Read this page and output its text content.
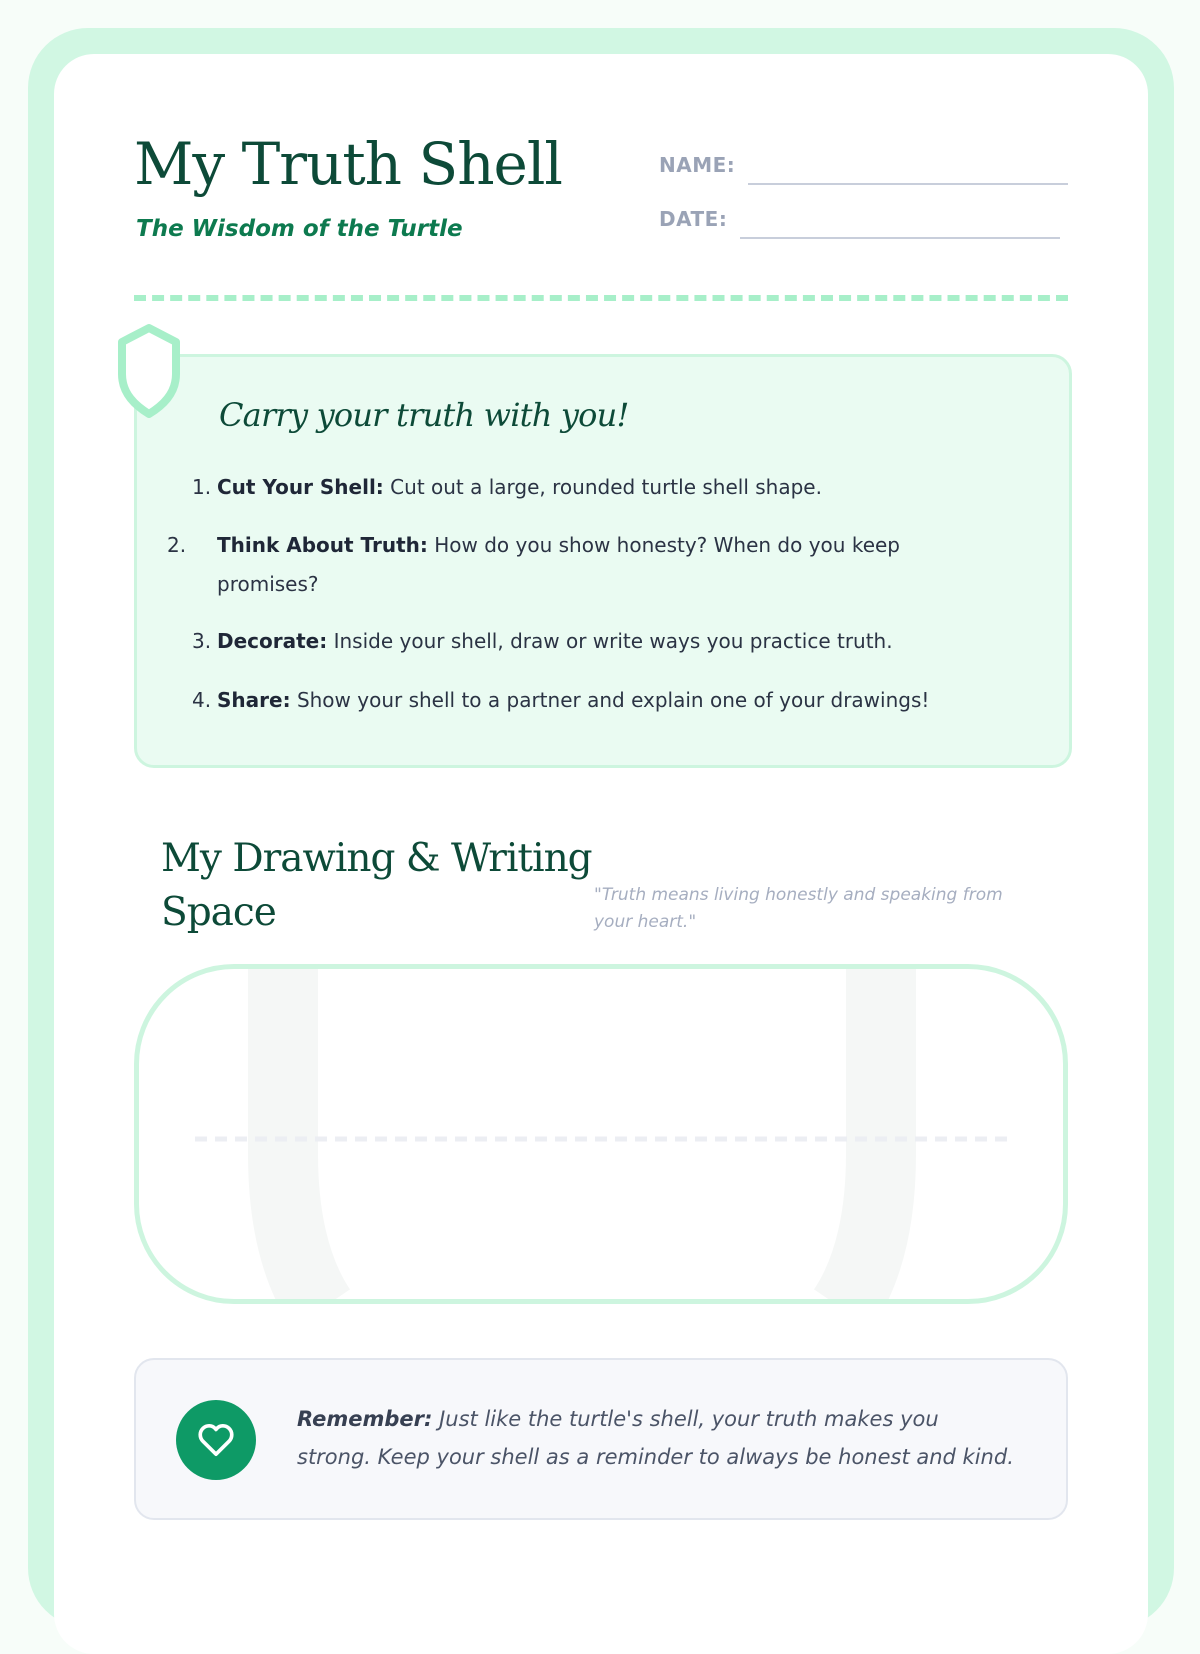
My Truth Shell
The Wisdom of the Turtle
NAME:
DATE:
Carry your truth with you!
1. Cut Your Shell: Cut out a large, rounded turtle shell shape.
2. Think About Truth: How do you show honesty? When do you keep promises?
3. Decorate: Inside your shell, draw or write ways you practice truth.
4. Share: Show your shell to a partner and explain one of your drawings!
My Drawing & Writing Space	"Truth means living honestly and speaking from your heart."
Remember: Just like the turtle's shell, your truth makes you strong. Keep your shell as a reminder to always be honest and kind.
